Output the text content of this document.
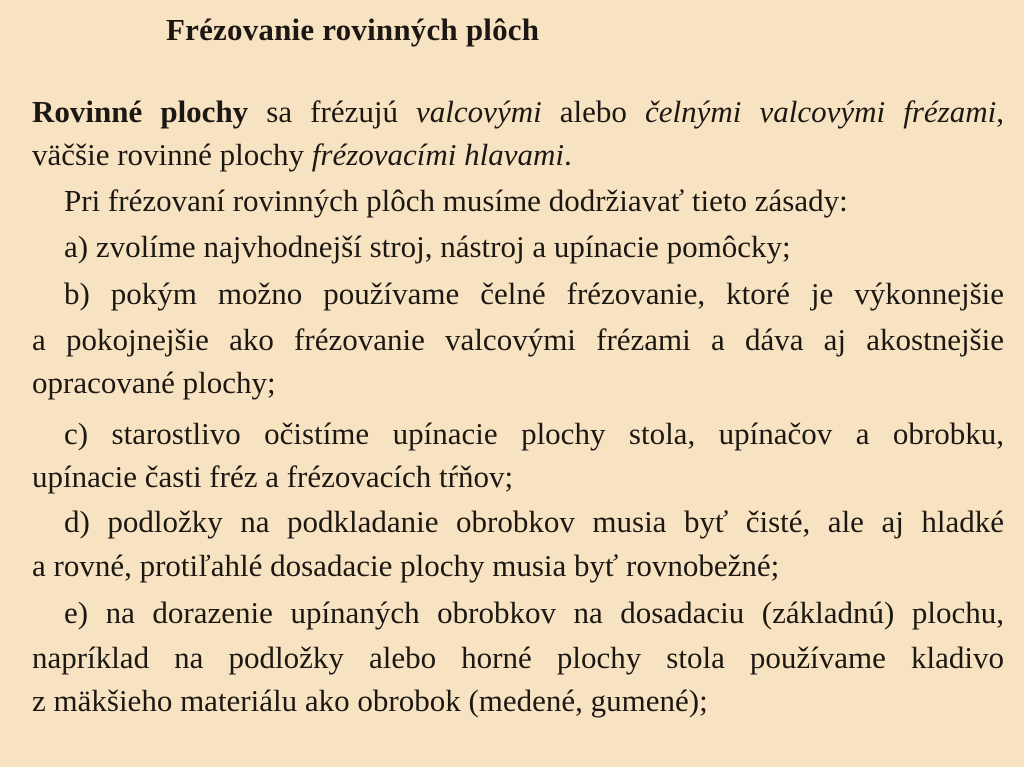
Frézovanie rovinných plôch
Rovinné plochy sa frézujú valcovými alebo čelnými valcovými frézami,
väčšie rovinné plochy frézovacími hlavami.
Pri frézovaní rovinných plôch musíme dodržiavať tieto zásady:
a) zvolíme najvhodnejší stroj, nástroj a upínacie pomôcky;
b) pokým možno používame čelné frézovanie, ktoré je výkonnejšie
a pokojnejšie ako frézovanie valcovými frézami a dáva aj akostnejšie
opracované plochy;
c) starostlivo očistíme upínacie plochy stola, upínačov a obrobku,
upínacie časti fréz a frézovacích tŕňov;
d) podložky na podkladanie obrobkov musia byť čisté, ale aj hladké
a rovné, protiľahlé dosadacie plochy musia byť rovnobežné;
e) na dorazenie upínaných obrobkov na dosadaciu (základnú) plochu,
napríklad na podložky alebo horné plochy stola používame kladivo
z mäkšieho materiálu ako obrobok (medené, gumené);
